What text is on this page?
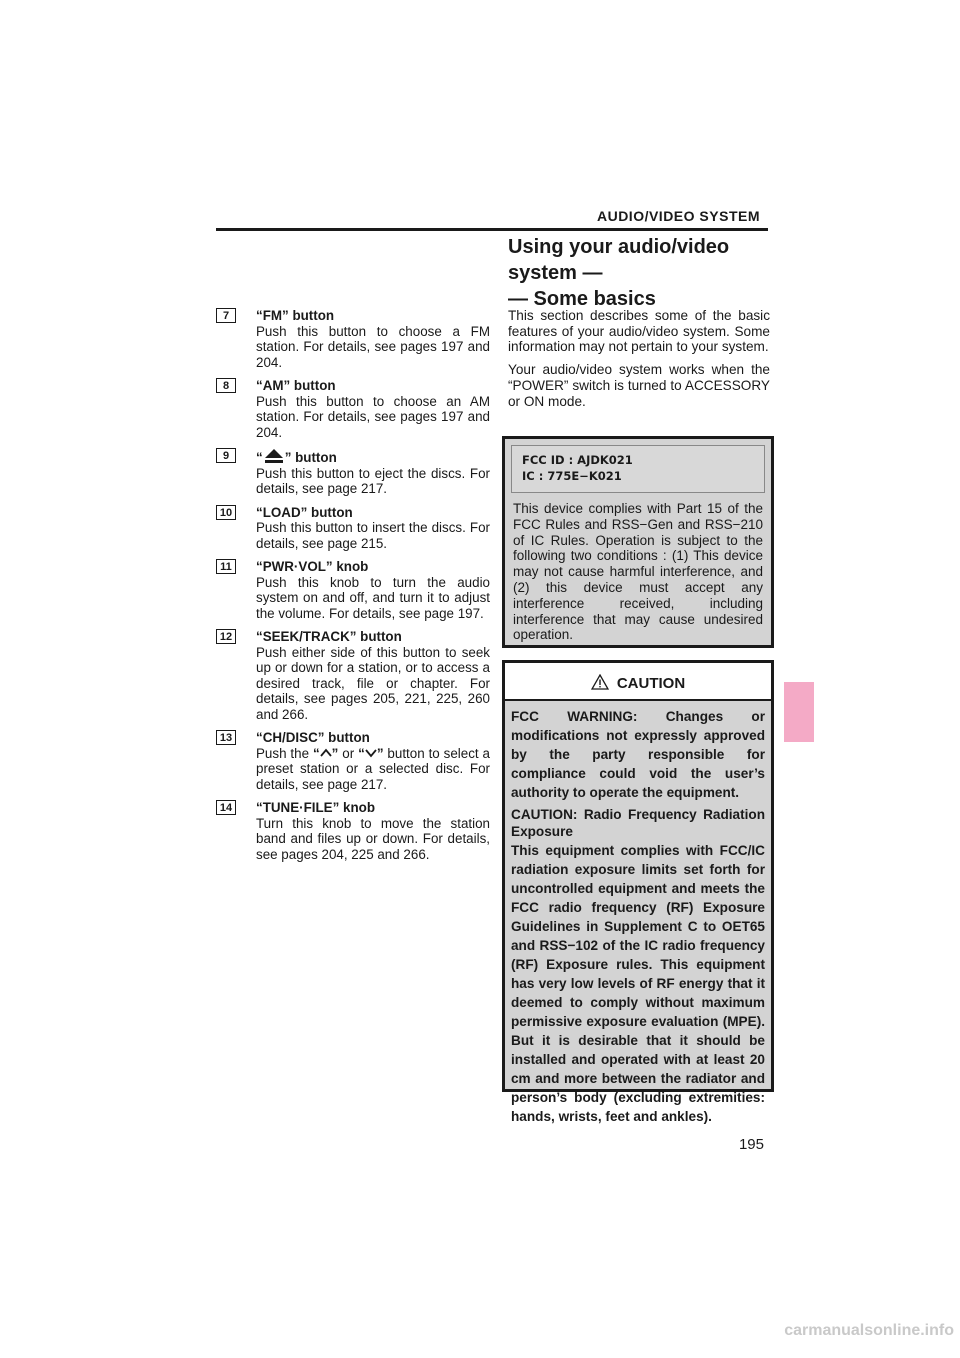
AUDIO/VIDEO SYSTEM
Using your audio/video
system —
— Some basics
7	“FM” button
Push this button to choose a FM station. For details, see pages 197 and 204.
8	“AM” button
Push this button to choose an AM station. For details, see pages 197 and 204.
9	“ ” button
Push this button to eject the discs. For details, see page 217.
10 “LOAD” button
Push this button to insert the discs. For details, see page 215.
11	“PWR·VOL” knob
Push this knob to turn the audio system on and off, and turn it to adjust the volume. For details, see page 197.
12 “SEEK/TRACK” button
Push either side of this button to seek up or down for a station, or to access a desired track, file or chapter. For details, see pages 205, 221, 225, 260 and 266.
13 “CH/DISC” button
Push the “ ” or “ ” button to select a preset station or a selected disc. For details, see page 217.
14 “TUNE·FILE” knob
Turn this knob to move the station band and files up or down. For details, see pages 204, 225 and 266.

This section describes some of the basic features of your audio/video system. Some information may not pertain to your system.

Your audio/video system works when the “POWER” switch is turned to ACCESSORY or ON mode.

FCC ID : AJDK021
IC : 775E−K021
This device complies with Part 15 of the FCC Rules and RSS−Gen and RSS−210 of IC Rules. Operation is subject to the following two conditions : (1) This device may not cause harmful interference, and (2) this device must accept any interference received, including interference that may cause undesired operation.
CAUTION

FCC WARNING: Changes or modifications not expressly approved by the party responsible for compliance could void the user’s authority to operate the equipment.

CAUTION: Radio Frequency Radiation Exposure

This equipment complies with FCC/IC radiation exposure limits set forth for uncontrolled equipment and meets the FCC radio frequency (RF) Exposure Guidelines in Supplement C to OET65 and RSS−102 of the IC radio frequency (RF) Exposure rules. This equipment has very low levels of RF energy that it deemed to comply without maximum permissive exposure evaluation (MPE). But it is desirable that it should be installed and operated with at least 20 cm and more between the radiator and person’s body (excluding extremities: hands, wrists, feet and ankles).

195
carmanualsonline.info
